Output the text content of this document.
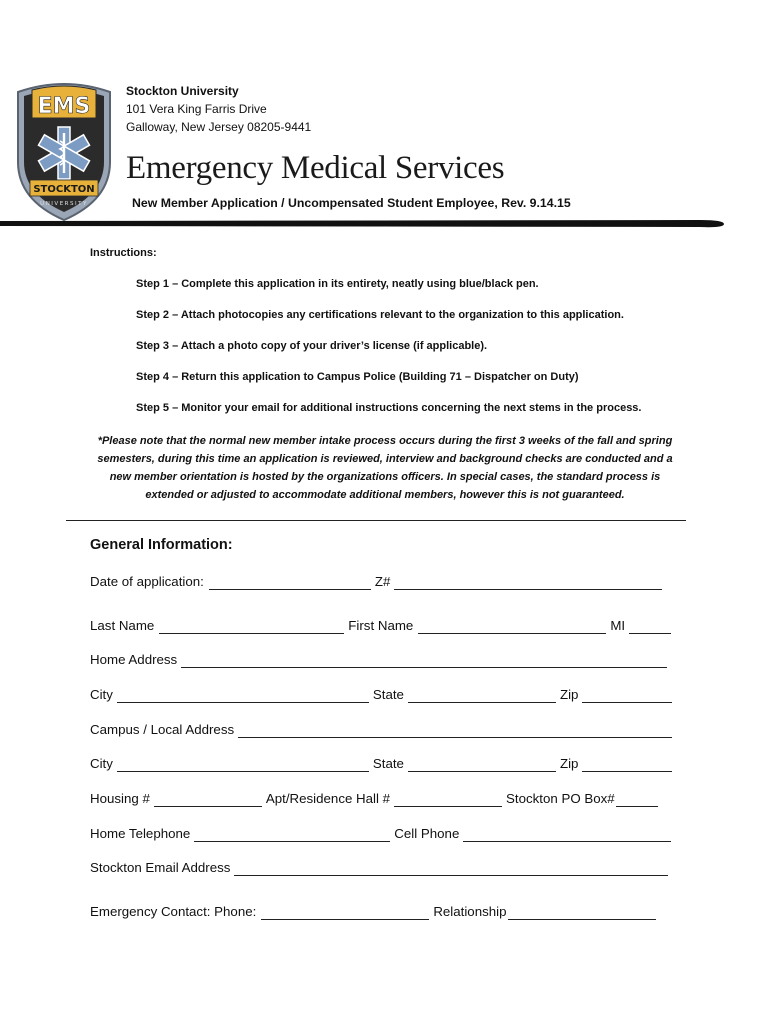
EMS
STOCKTON
UNIVERSITY
Stockton University
101 Vera King Farris Drive
Galloway, New Jersey 08205-9441
Emergency Medical Services
New Member Application / Uncompensated Student Employee, Rev. 9.14.15
Instructions:
Step 1 – Complete this application in its entirety, neatly using blue/black pen.
Step 2 – Attach photocopies any certifications relevant to the organization to this application.
Step 3 – Attach a photo copy of your driver’s license (if applicable).
Step 4 – Return this application to Campus Police (Building 71 – Dispatcher on Duty)
Step 5 – Monitor your email for additional instructions concerning the next stems in the process.
*Please note that the normal new member intake process occurs during the first 3 weeks of the fall and spring
semesters, during this time an application is reviewed, interview and background checks are conducted and a
new member orientation is hosted by the organizations officers. In special cases, the standard process is
extended or adjusted to accommodate additional members, however this is not guaranteed.
General Information:
Date of application:	Z#
Last Name	First Name	MI
Home Address
City	State	Zip
Campus / Local Address
City	State	Zip
Housing #	Apt/Residence Hall #	Stockton PO Box#
Home Telephone	Cell Phone
Stockton Email Address
Emergency Contact: Phone:	Relationship
